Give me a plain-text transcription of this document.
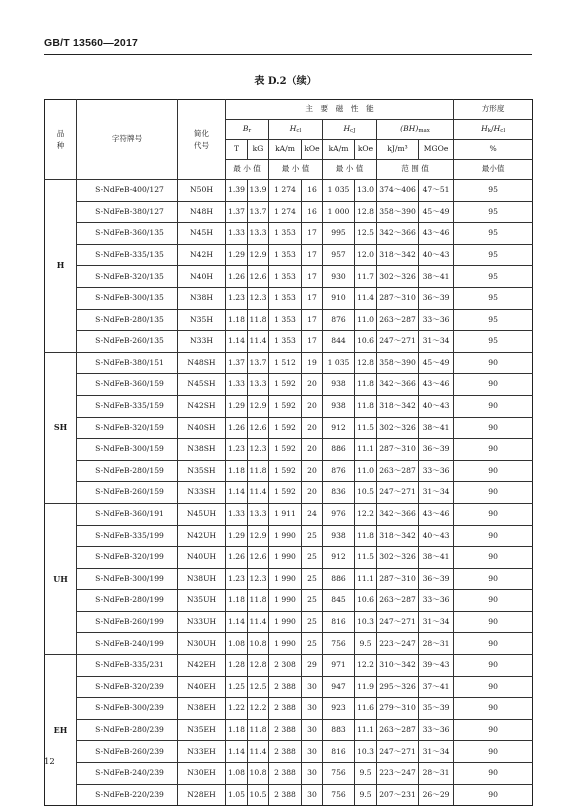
GB/T 13560—2017
表 D.2（续）
品
种	字符牌号	简化
代号	主　要　磁　性　能								方形度
			Br		Hcl		HcJ		(BH)max		Hk/Hcl
			T	kG	kA/m	kOe	kA/m	kOe	kJ/m³	MGOe	%
			最 小 值		最 小 值		最 小 值		范 围 值		最小值
H	S-NdFeB-400/127	N50H	1.39	13.9	1 274	16	1 035	13.0	374～406	47～51	95
	S-NdFeB-380/127	N48H	1.37	13.7	1 274	16	1 000	12.8	358～390	45～49	95
	S-NdFeB-360/135	N45H	1.33	13.3	1 353	17	995	12.5	342～366	43～46	95
	S-NdFeB-335/135	N42H	1.29	12.9	1 353	17	957	12.0	318～342	40～43	95
	S-NdFeB-320/135	N40H	1.26	12.6	1 353	17	930	11.7	302～326	38～41	95
	S-NdFeB-300/135	N38H	1.23	12.3	1 353	17	910	11.4	287～310	36～39	95
	S-NdFeB-280/135	N35H	1.18	11.8	1 353	17	876	11.0	263～287	33～36	95
	S-NdFeB-260/135	N33H	1.14	11.4	1 353	17	844	10.6	247～271	31～34	95
SH	S-NdFeB-380/151	N48SH	1.37	13.7	1 512	19	1 035	12.8	358～390	45～49	90
	S-NdFeB-360/159	N45SH	1.33	13.3	1 592	20	938	11.8	342～366	43～46	90
	S-NdFeB-335/159	N42SH	1.29	12.9	1 592	20	938	11.8	318～342	40～43	90
	S-NdFeB-320/159	N40SH	1.26	12.6	1 592	20	912	11.5	302～326	38～41	90
	S-NdFeB-300/159	N38SH	1.23	12.3	1 592	20	886	11.1	287～310	36～39	90
	S-NdFeB-280/159	N35SH	1.18	11.8	1 592	20	876	11.0	263～287	33～36	90
	S-NdFeB-260/159	N33SH	1.14	11.4	1 592	20	836	10.5	247～271	31～34	90
UH	S-NdFeB-360/191	N45UH	1.33	13.3	1 911	24	976	12.2	342～366	43～46	90
	S-NdFeB-335/199	N42UH	1.29	12.9	1 990	25	938	11.8	318～342	40～43	90
	S-NdFeB-320/199	N40UH	1.26	12.6	1 990	25	912	11.5	302～326	38～41	90
	S-NdFeB-300/199	N38UH	1.23	12.3	1 990	25	886	11.1	287～310	36～39	90
	S-NdFeB-280/199	N35UH	1.18	11.8	1 990	25	845	10.6	263～287	33～36	90
	S-NdFeB-260/199	N33UH	1.14	11.4	1 990	25	816	10.3	247～271	31～34	90
	S-NdFeB-240/199	N30UH	1.08	10.8	1 990	25	756	9.5	223～247	28～31	90
EH	S-NdFeB-335/231	N42EH	1.28	12.8	2 308	29	971	12.2	310～342	39～43	90
	S-NdFeB-320/239	N40EH	1.25	12.5	2 388	30	947	11.9	295～326	37～41	90
	S-NdFeB-300/239	N38EH	1.22	12.2	2 388	30	923	11.6	279～310	35～39	90
	S-NdFeB-280/239	N35EH	1.18	11.8	2 388	30	883	11.1	263～287	33～36	90
	S-NdFeB-260/239	N33EH	1.14	11.4	2 388	30	816	10.3	247～271	31～34	90
	S-NdFeB-240/239	N30EH	1.08	10.8	2 388	30	756	9.5	223～247	28～31	90
	S-NdFeB-220/239	N28EH	1.05	10.5	2 388	30	756	9.5	207～231	26～29	90
12
